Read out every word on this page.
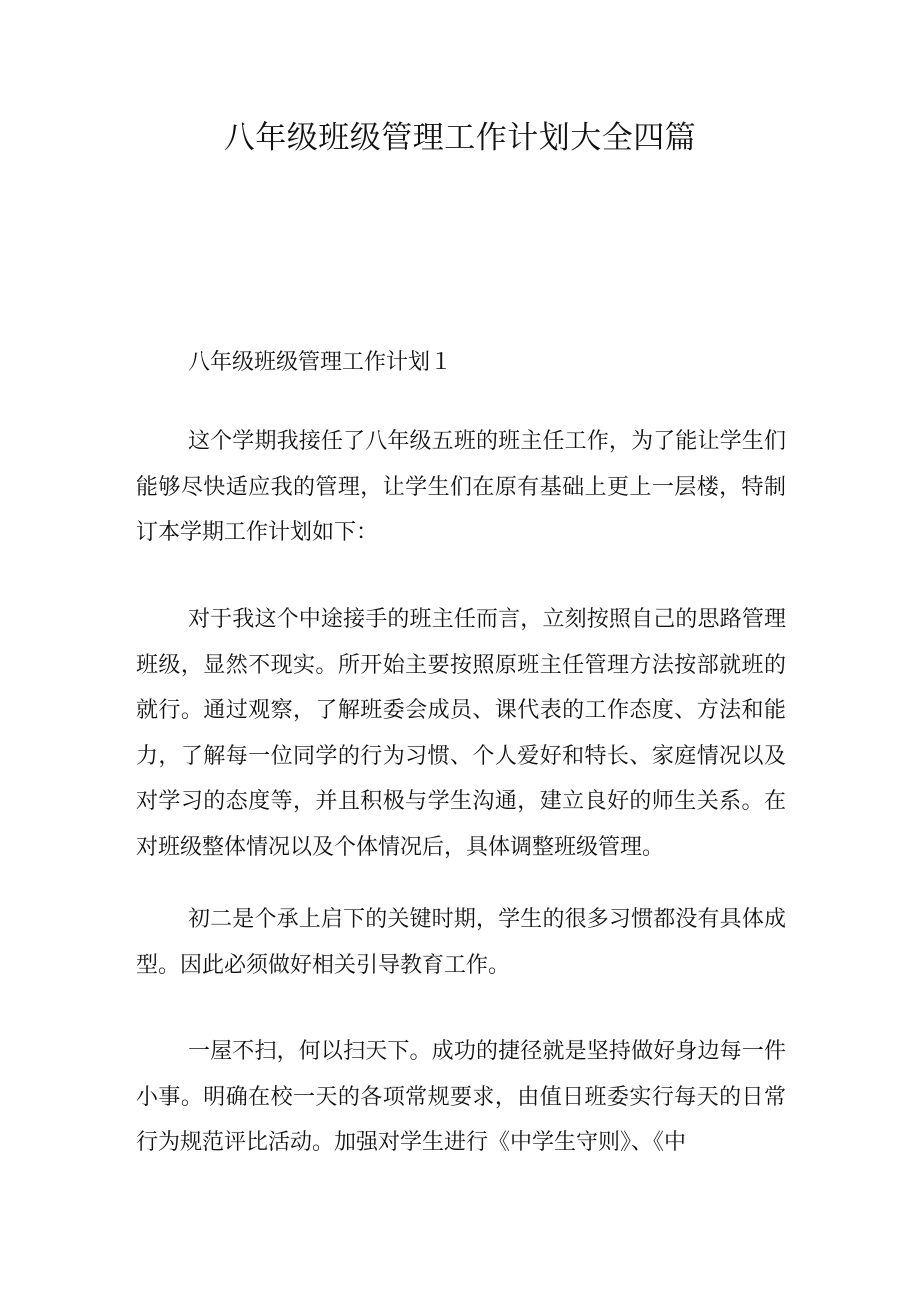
八年级班级管理工作计划大全四篇
八年级班级管理工作计划１

这个学期我接任了八年级五班的班主任工作，为了能让学生们能够尽快适应我的管理，让学生们在原有基础上更上一层楼，特制订本学期工作计划如下：

对于我这个中途接手的班主任而言，立刻按照自己的思路管理班级，显然不现实。所开始主要按照原班主任管理方法按部就班的就行。通过观察，了解班委会成员、课代表的工作态度、方法和能力，了解每一位同学的行为习惯、个人爱好和特长、家庭情况以及对学习的态度等，并且积极与学生沟通，建立良好的师生关系。在对班级整体情况以及个体情况后，具体调整班级管理。

初二是个承上启下的关键时期，学生的很多习惯都没有具体成型。因此必须做好相关引导教育工作。

一屋不扫，何以扫天下。成功的捷径就是坚持做好身边每一件小事。明确在校一天的各项常规要求，由值日班委实行每天的日常行为规范评比活动。加强对学生进行《中学生守则》、《中
